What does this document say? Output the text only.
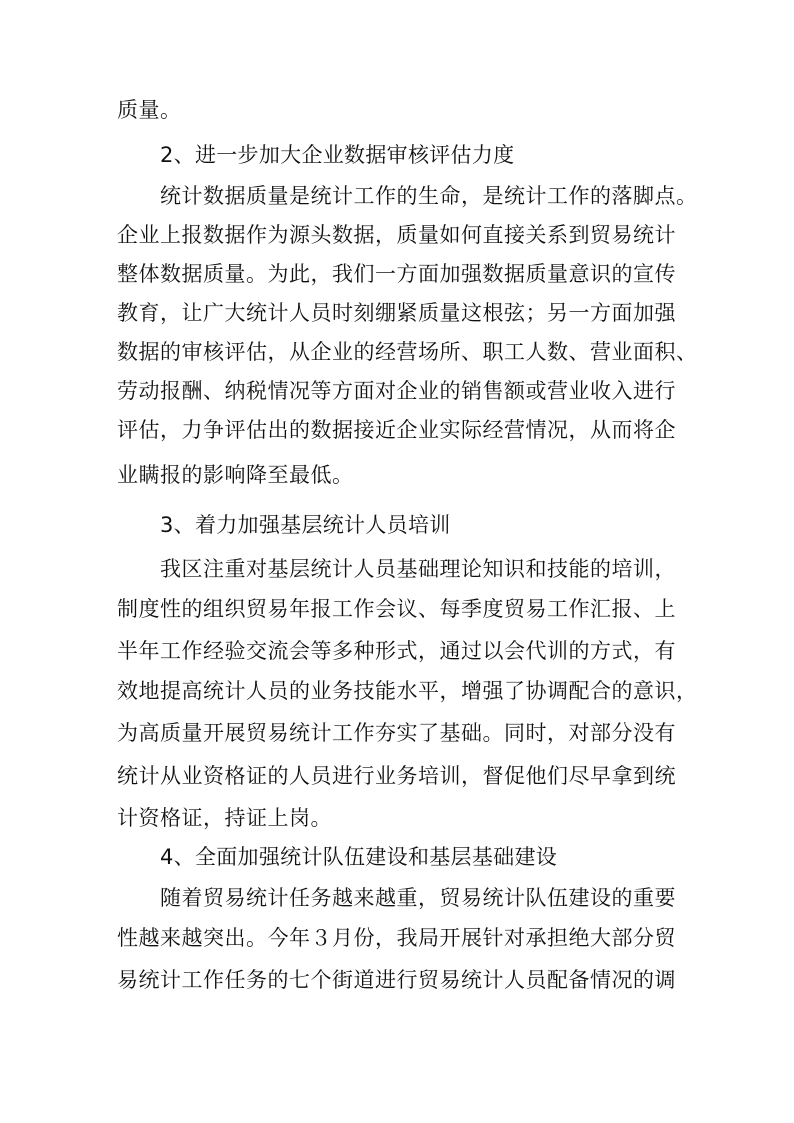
质量。
2、进一步加大企业数据审核评估力度
统计数据质量是统计工作的生命，是统计工作的落脚点。
企业上报数据作为源头数据，质量如何直接关系到贸易统计
整体数据质量。为此，我们一方面加强数据质量意识的宣传
教育，让广大统计人员时刻绷紧质量这根弦；另一方面加强
数据的审核评估，从企业的经营场所、职工人数、营业面积、
劳动报酬、纳税情况等方面对企业的销售额或营业收入进行
评估，力争评估出的数据接近企业实际经营情况，从而将企
业瞒报的影响降至最低。
3、着力加强基层统计人员培训
我区注重对基层统计人员基础理论知识和技能的培训，
制度性的组织贸易年报工作会议、每季度贸易工作汇报、上
半年工作经验交流会等多种形式，通过以会代训的方式，有
效地提高统计人员的业务技能水平，增强了协调配合的意识，
为高质量开展贸易统计工作夯实了基础。同时，对部分没有
统计从业资格证的人员进行业务培训，督促他们尽早拿到统
计资格证，持证上岗。
4、全面加强统计队伍建设和基层基础建设
随着贸易统计任务越来越重，贸易统计队伍建设的重要
性越来越突出。今年３月份，我局开展针对承担绝大部分贸
易统计工作任务的七个街道进行贸易统计人员配备情况的调
